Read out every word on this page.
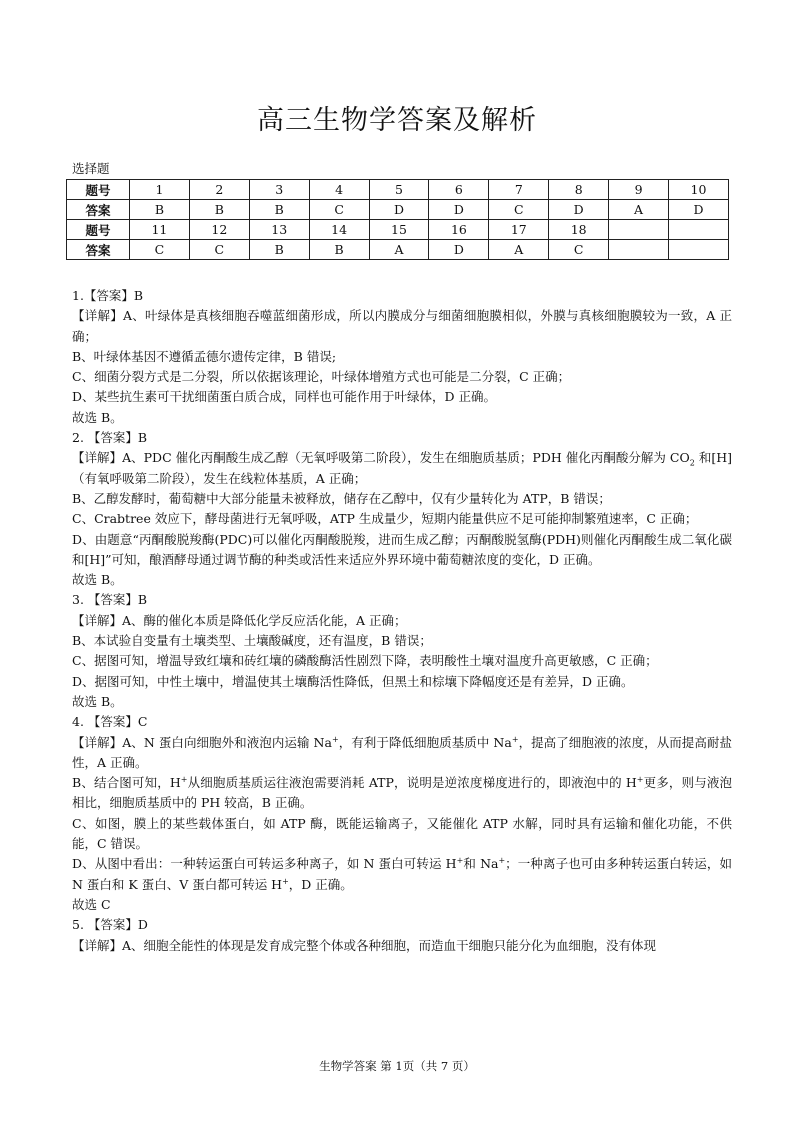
高三生物学答案及解析
选择题
题号	1	2	3	4	5	6	7	8	9	10
答案	B	B	B	C	D	D	C	D	A	D
题号	11	12	13	14	15	16	17	18		
答案	C	C	B	B	A	D	A	C		

1.【答案】B

【详解】A、叶绿体是真核细胞吞噬蓝细菌形成，所以内膜成分与细菌细胞膜相似，外膜与真核细胞膜较为一致，A 正确；

B、叶绿体基因不遵循孟德尔遗传定律，B 错误;

C、细菌分裂方式是二分裂，所以依据该理论，叶绿体增殖方式也可能是二分裂，C 正确；

D、某些抗生素可干扰细菌蛋白质合成，同样也可能作用于叶绿体，D 正确。

故选 B。

2. 【答案】B

【详解】A、PDC 催化丙酮酸生成乙醇（无氧呼吸第二阶段），发生在细胞质基质；PDH 催化丙酮酸分解为 $CO_2$ 和[H]（有氧呼吸第二阶段），发生在线粒体基质，A 正确；

B、乙醇发酵时，葡萄糖中大部分能量未被释放，储存在乙醇中，仅有少量转化为 ATP，B 错误；

C、Crabtree 效应下，酵母菌进行无氧呼吸，ATP 生成量少，短期内能量供应不足可能抑制繁殖速率，C 正确；

D、由题意“丙酮酸脱羧酶(PDC)可以催化丙酮酸脱羧，进而生成乙醇；丙酮酸脱氢酶(PDH)则催化丙酮酸生成二氧化碳和[H]”可知，酿酒酵母通过调节酶的种类或活性来适应外界环境中葡萄糖浓度的变化，D 正确。

故选 B。

3. 【答案】B

【详解】A、酶的催化本质是降低化学反应活化能，A 正确；

B、本试验自变量有土壤类型、土壤酸碱度，还有温度，B 错误；

C、据图可知，增温导致红壤和砖红壤的磷酸酶活性剧烈下降，表明酸性土壤对温度升高更敏感，C 正确；

D、据图可知，中性土壤中，增温使其土壤酶活性降低，但黑土和棕壤下降幅度还是有差异，D 正确。

故选 B。

4. 【答案】C

【详解】A、N 蛋白向细胞外和液泡内运输 Na+，有利于降低细胞质基质中 Na+，提高了细胞液的浓度，从而提高耐盐性，A 正确。

B、结合图可知，H+从细胞质基质运往液泡需要消耗 ATP，说明是逆浓度梯度进行的，即液泡中的 H+更多，则与液泡相比，细胞质基质中的 PH 较高，B 正确。

C、如图，膜上的某些载体蛋白，如 ATP 酶，既能运输离子，又能催化 ATP 水解，同时具有运输和催化功能，不供能，C 错误。

D、从图中看出：一种转运蛋白可转运多种离子，如 N 蛋白可转运 H+和 Na+；一种离子也可由多种转运蛋白转运，如 N 蛋白和 K 蛋白、V 蛋白都可转运 H+，D 正确。

故选 C

5. 【答案】D

【详解】A、细胞全能性的体现是发育成完整个体或各种细胞，而造血干细胞只能分化为血细胞，没有体现

生物学答案 第 1页（共 7 页）
